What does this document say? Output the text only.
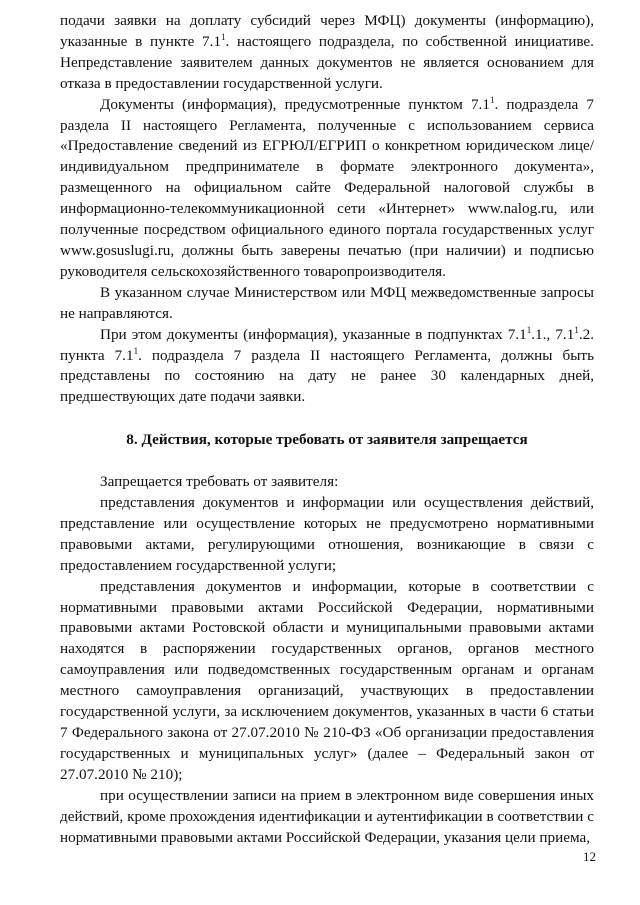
подачи заявки на доплату субсидий через МФЦ) документы (информацию), указанные в пункте $7.1^1$. настоящего подраздела, по собственной инициативе. Непредставление заявителем данных документов не является основанием для отказа в предоставлении государственной услуги.

Документы (информация), предусмотренные пунктом $7.1^1$. подраздела 7 раздела II настоящего Регламента, полученные с использованием сервиса «Предоставление сведений из ЕГРЮЛ/ЕГРИП о конкретном юридическом лице/индивидуальном предпринимателе в формате электронного документа», размещенного на официальном сайте Федеральной налоговой службы в информационно-телекоммуникационной сети «Интернет» www.nalog.ru, или полученные посредством официального единого портала государственных услуг www.gosuslugi.ru, должны быть заверены печатью (при наличии) и подписью руководителя сельскохозяйственного товаропроизводителя.

В указанном случае Министерством или МФЦ межведомственные запросы не направляются.

При этом документы (информация), указанные в подпунктах $7.1^1.1$., $7.1^1.2$. пункта $7.1^1$. подраздела 7 раздела II настоящего Регламента, должны быть представлены по состоянию на дату не ранее 30 календарных дней, предшествующих дате подачи заявки.

8. Действия, которые требовать от заявителя запрещается

Запрещается требовать от заявителя:

представления документов и информации или осуществления действий, представление или осуществление которых не предусмотрено нормативными правовыми актами, регулирующими отношения, возникающие в связи с предоставлением государственной услуги;

представления документов и информации, которые в соответствии с нормативными правовыми актами Российской Федерации, нормативными правовыми актами Ростовской области и муниципальными правовыми актами находятся в распоряжении государственных органов, органов местного самоуправления или подведомственных государственным органам и органам местного самоуправления организаций, участвующих в предоставлении государственной услуги, за исключением документов, указанных в части 6 статьи 7 Федерального закона от 27.07.2010 № 210-ФЗ «Об организации предоставления государственных и муниципальных услуг» (далее – Федеральный закон от 27.07.2010 № 210);

при осуществлении записи на прием в электронном виде совершения иных действий, кроме прохождения идентификации и аутентификации в соответствии с нормативными правовыми актами Российской Федерации, указания цели приема,

12
